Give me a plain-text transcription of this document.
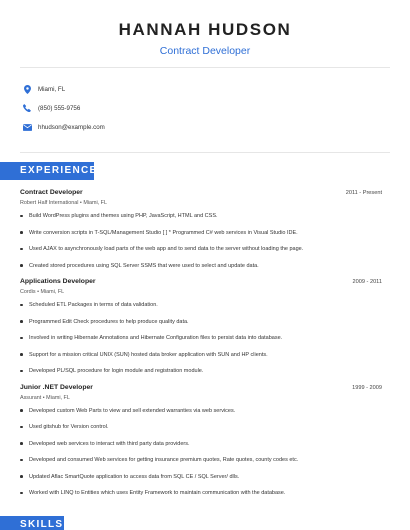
HANNAH HUDSON
Contract Developer
Miami, FL
(850) 555-9756
hhudson@example.com
EXPERIENCE
Contract Developer	2011 - Present
Robert Half International • Miami, FL
Build WordPress plugins and themes using PHP, JavaScript, HTML and CSS.
Write conversion scripts in T-SQL/Management Studio [ ] * Programmed C# web services in Visual Studio IDE.
Used AJAX to asynchronously load parts of the web app and to send data to the server without loading the page.
Created stored procedures using SQL Server SSMS that were used to select and update data.
Applications Developer	2009 - 2011
Cordis • Miami, FL
Scheduled ETL Packages in terms of data validation.
Programmed Edit Check procedures to help produce quality data.
Involved in writing Hibernate Annotations and Hibernate Configuration files to persist data into database.
Support for a mission critical UNIX (SUN) hosted data broker application with SUN and HP clients.
Developed PL/SQL procedure for login module and registration module.
Junior .NET Developer	1999 - 2009
Assurant • Miami, FL
Developed custom Web Parts to view and sell extended warranties via web services.
Used gitshub for Version control.
Developed web services to interact with third party data providers.
Developed and consumed Web services for getting insurance premium quotes, Rate quotes, county codes etc.
Updated Aflac SmartQuote application to access data from SQL CE / SQL Server/ dlls.
Worked with LINQ to Entities which uses Entity Framework to maintain communication with the database.
SKILLS
